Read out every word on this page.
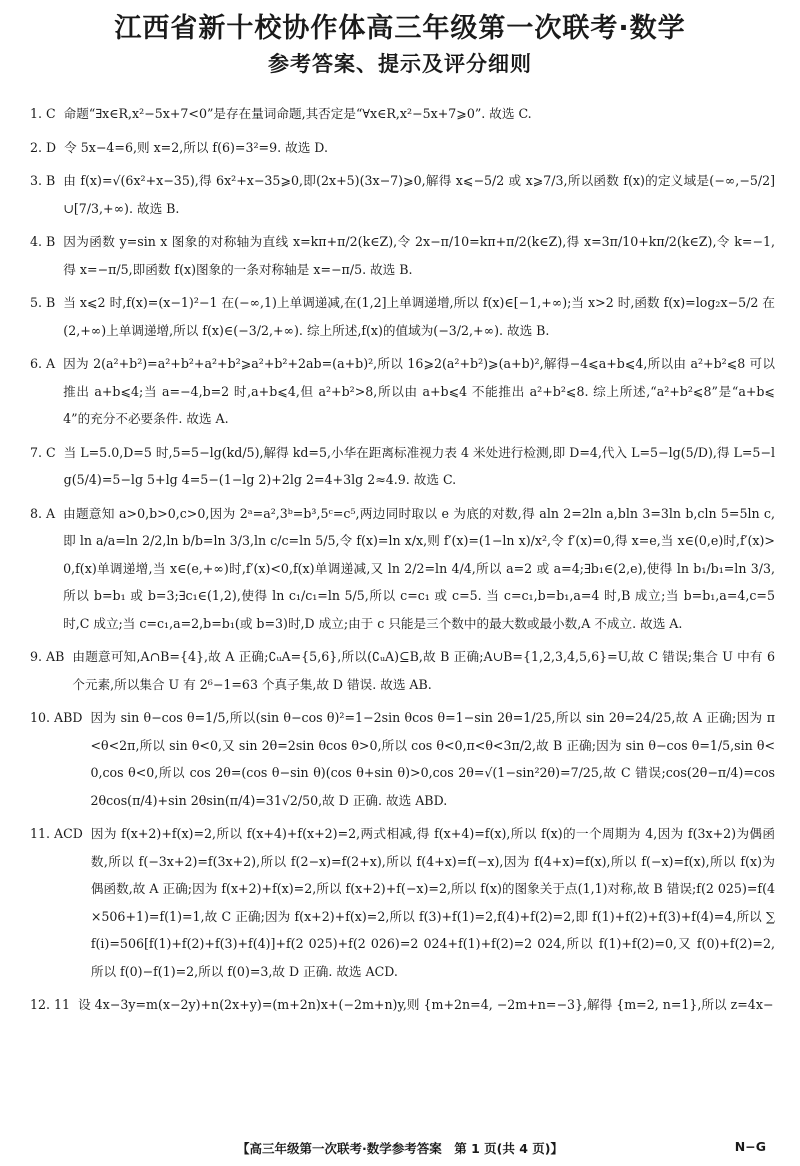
江西省新十校协作体高三年级第一次联考·数学
参考答案、提示及评分细则
1. C 命题“∃x∈R,x²−5x+7<0”是存在量词命题,其否定是“∀x∈R,x²−5x+7⩾0”. 故选 C.
2. D 令 5x−4=6,则 x=2,所以 f(6)=3²=9. 故选 D.
3. B 由 f(x)=√(6x²+x−35),得 6x²+x−35⩾0,即(2x+5)(3x−7)⩾0,解得 x⩽−5/2 或 x⩾7/3,所以函数 f(x)的定义域是(−∞,−5/2]∪[7/3,+∞). 故选 B.
4. B 因为函数 y=sin x 图象的对称轴为直线 x=kπ+π/2(k∈Z),令 2x−π/10=kπ+π/2(k∈Z),得 x=3π/10+kπ/2(k∈Z),令 k=−1,得 x=−π/5,即函数 f(x)图象的一条对称轴是 x=−π/5. 故选 B.
5. B 当 x⩽2 时,f(x)=(x−1)²−1 在(−∞,1)上单调递减,在(1,2]上单调递增,所以 f(x)∈[−1,+∞);当 x>2 时,函数 f(x)=log₂x−5/2 在(2,+∞)上单调递增,所以 f(x)∈(−3/2,+∞). 综上所述,f(x)的值域为(−3/2,+∞). 故选 B.
6. A 因为 2(a²+b²)=a²+b²+a²+b²⩾a²+b²+2ab=(a+b)²,所以 16⩾2(a²+b²)⩾(a+b)²,解得−4⩽a+b⩽4,所以由 a²+b²⩽8 可以推出 a+b⩽4;当 a=−4,b=2 时,a+b⩽4,但 a²+b²>8,所以由 a+b⩽4 不能推出 a²+b²⩽8. 综上所述,“a²+b²⩽8”是“a+b⩽4”的充分不必要条件. 故选 A.
7. C 当 L=5.0,D=5 时,5=5−lg(kd/5),解得 kd=5,小华在距离标准视力表 4 米处进行检测,即 D=4,代入 L=5−lg(5/D),得 L=5−lg(5/4)=5−lg 5+lg 4=5−(1−lg 2)+2lg 2=4+3lg 2≈4.9. 故选 C.
8. A 由题意知 a>0,b>0,c>0,因为 2ᵃ=a²,3ᵇ=b³,5ᶜ=c⁵,两边同时取以 e 为底的对数,得 aln 2=2ln a,bln 3=3ln b,cln 5=5ln c,即 ln a/a=ln 2/2,ln b/b=ln 3/3,ln c/c=ln 5/5,令 f(x)=ln x/x,则 f′(x)=(1−ln x)/x²,令 f′(x)=0,得 x=e,当 x∈(0,e)时,f′(x)>0,f(x)单调递增,当 x∈(e,+∞)时,f′(x)<0,f(x)单调递减,又 ln 2/2=ln 4/4,所以 a=2 或 a=4;∃b₁∈(2,e),使得 ln b₁/b₁=ln 3/3,所以 b=b₁ 或 b=3;∃c₁∈(1,2),使得 ln c₁/c₁=ln 5/5,所以 c=c₁ 或 c=5. 当 c=c₁,b=b₁,a=4 时,B 成立;当 b=b₁,a=4,c=5 时,C 成立;当 c=c₁,a=2,b=b₁(或 b=3)时,D 成立;由于 c 只能是三个数中的最大数或最小数,A 不成立. 故选 A.
9. AB 由题意可知,A∩B={4},故 A 正确;∁ᵤA={5,6},所以(∁ᵤA)⊆B,故 B 正确;A∪B={1,2,3,4,5,6}=U,故 C 错误;集合 U 中有 6 个元素,所以集合 U 有 2⁶−1=63 个真子集,故 D 错误. 故选 AB.
10. ABD 因为 sin θ−cos θ=1/5,所以(sin θ−cos θ)²=1−2sin θcos θ=1−sin 2θ=1/25,所以 sin 2θ=24/25,故 A 正确;因为 π<θ<2π,所以 sin θ<0,又 sin 2θ=2sin θcos θ>0,所以 cos θ<0,π<θ<3π/2,故 B 正确;因为 sin θ−cos θ=1/5,sin θ<0,cos θ<0,所以 cos 2θ=(cos θ−sin θ)(cos θ+sin θ)>0,cos 2θ=√(1−sin²2θ)=7/25,故 C 错误;cos(2θ−π/4)=cos 2θcos(π/4)+sin 2θsin(π/4)=31√2/50,故 D 正确. 故选 ABD.
11. ACD 因为 f(x+2)+f(x)=2,所以 f(x+4)+f(x+2)=2,两式相减,得 f(x+4)=f(x),所以 f(x)的一个周期为 4,因为 f(3x+2)为偶函数,所以 f(−3x+2)=f(3x+2),所以 f(2−x)=f(2+x),所以 f(4+x)=f(−x),因为 f(4+x)=f(x),所以 f(−x)=f(x),所以 f(x)为偶函数,故 A 正确;因为 f(x+2)+f(x)=2,所以 f(x+2)+f(−x)=2,所以 f(x)的图象关于点(1,1)对称,故 B 错误;f(2 025)=f(4×506+1)=f(1)=1,故 C 正确;因为 f(x+2)+f(x)=2,所以 f(3)+f(1)=2,f(4)+f(2)=2,即 f(1)+f(2)+f(3)+f(4)=4,所以 ∑f(i)=506[f(1)+f(2)+f(3)+f(4)]+f(2 025)+f(2 026)=2 024+f(1)+f(2)=2 024,所以 f(1)+f(2)=0,又 f(0)+f(2)=2,所以 f(0)−f(1)=2,所以 f(0)=3,故 D 正确. 故选 ACD.
12. 11 设 4x−3y=m(x−2y)+n(2x+y)=(m+2n)x+(−2m+n)y,则 {m+2n=4, −2m+n=−3},解得 {m=2, n=1},所以 z=4x−
【高三年级第一次联考·数学参考答案　第 1 页(共 4 页)】	N−G
